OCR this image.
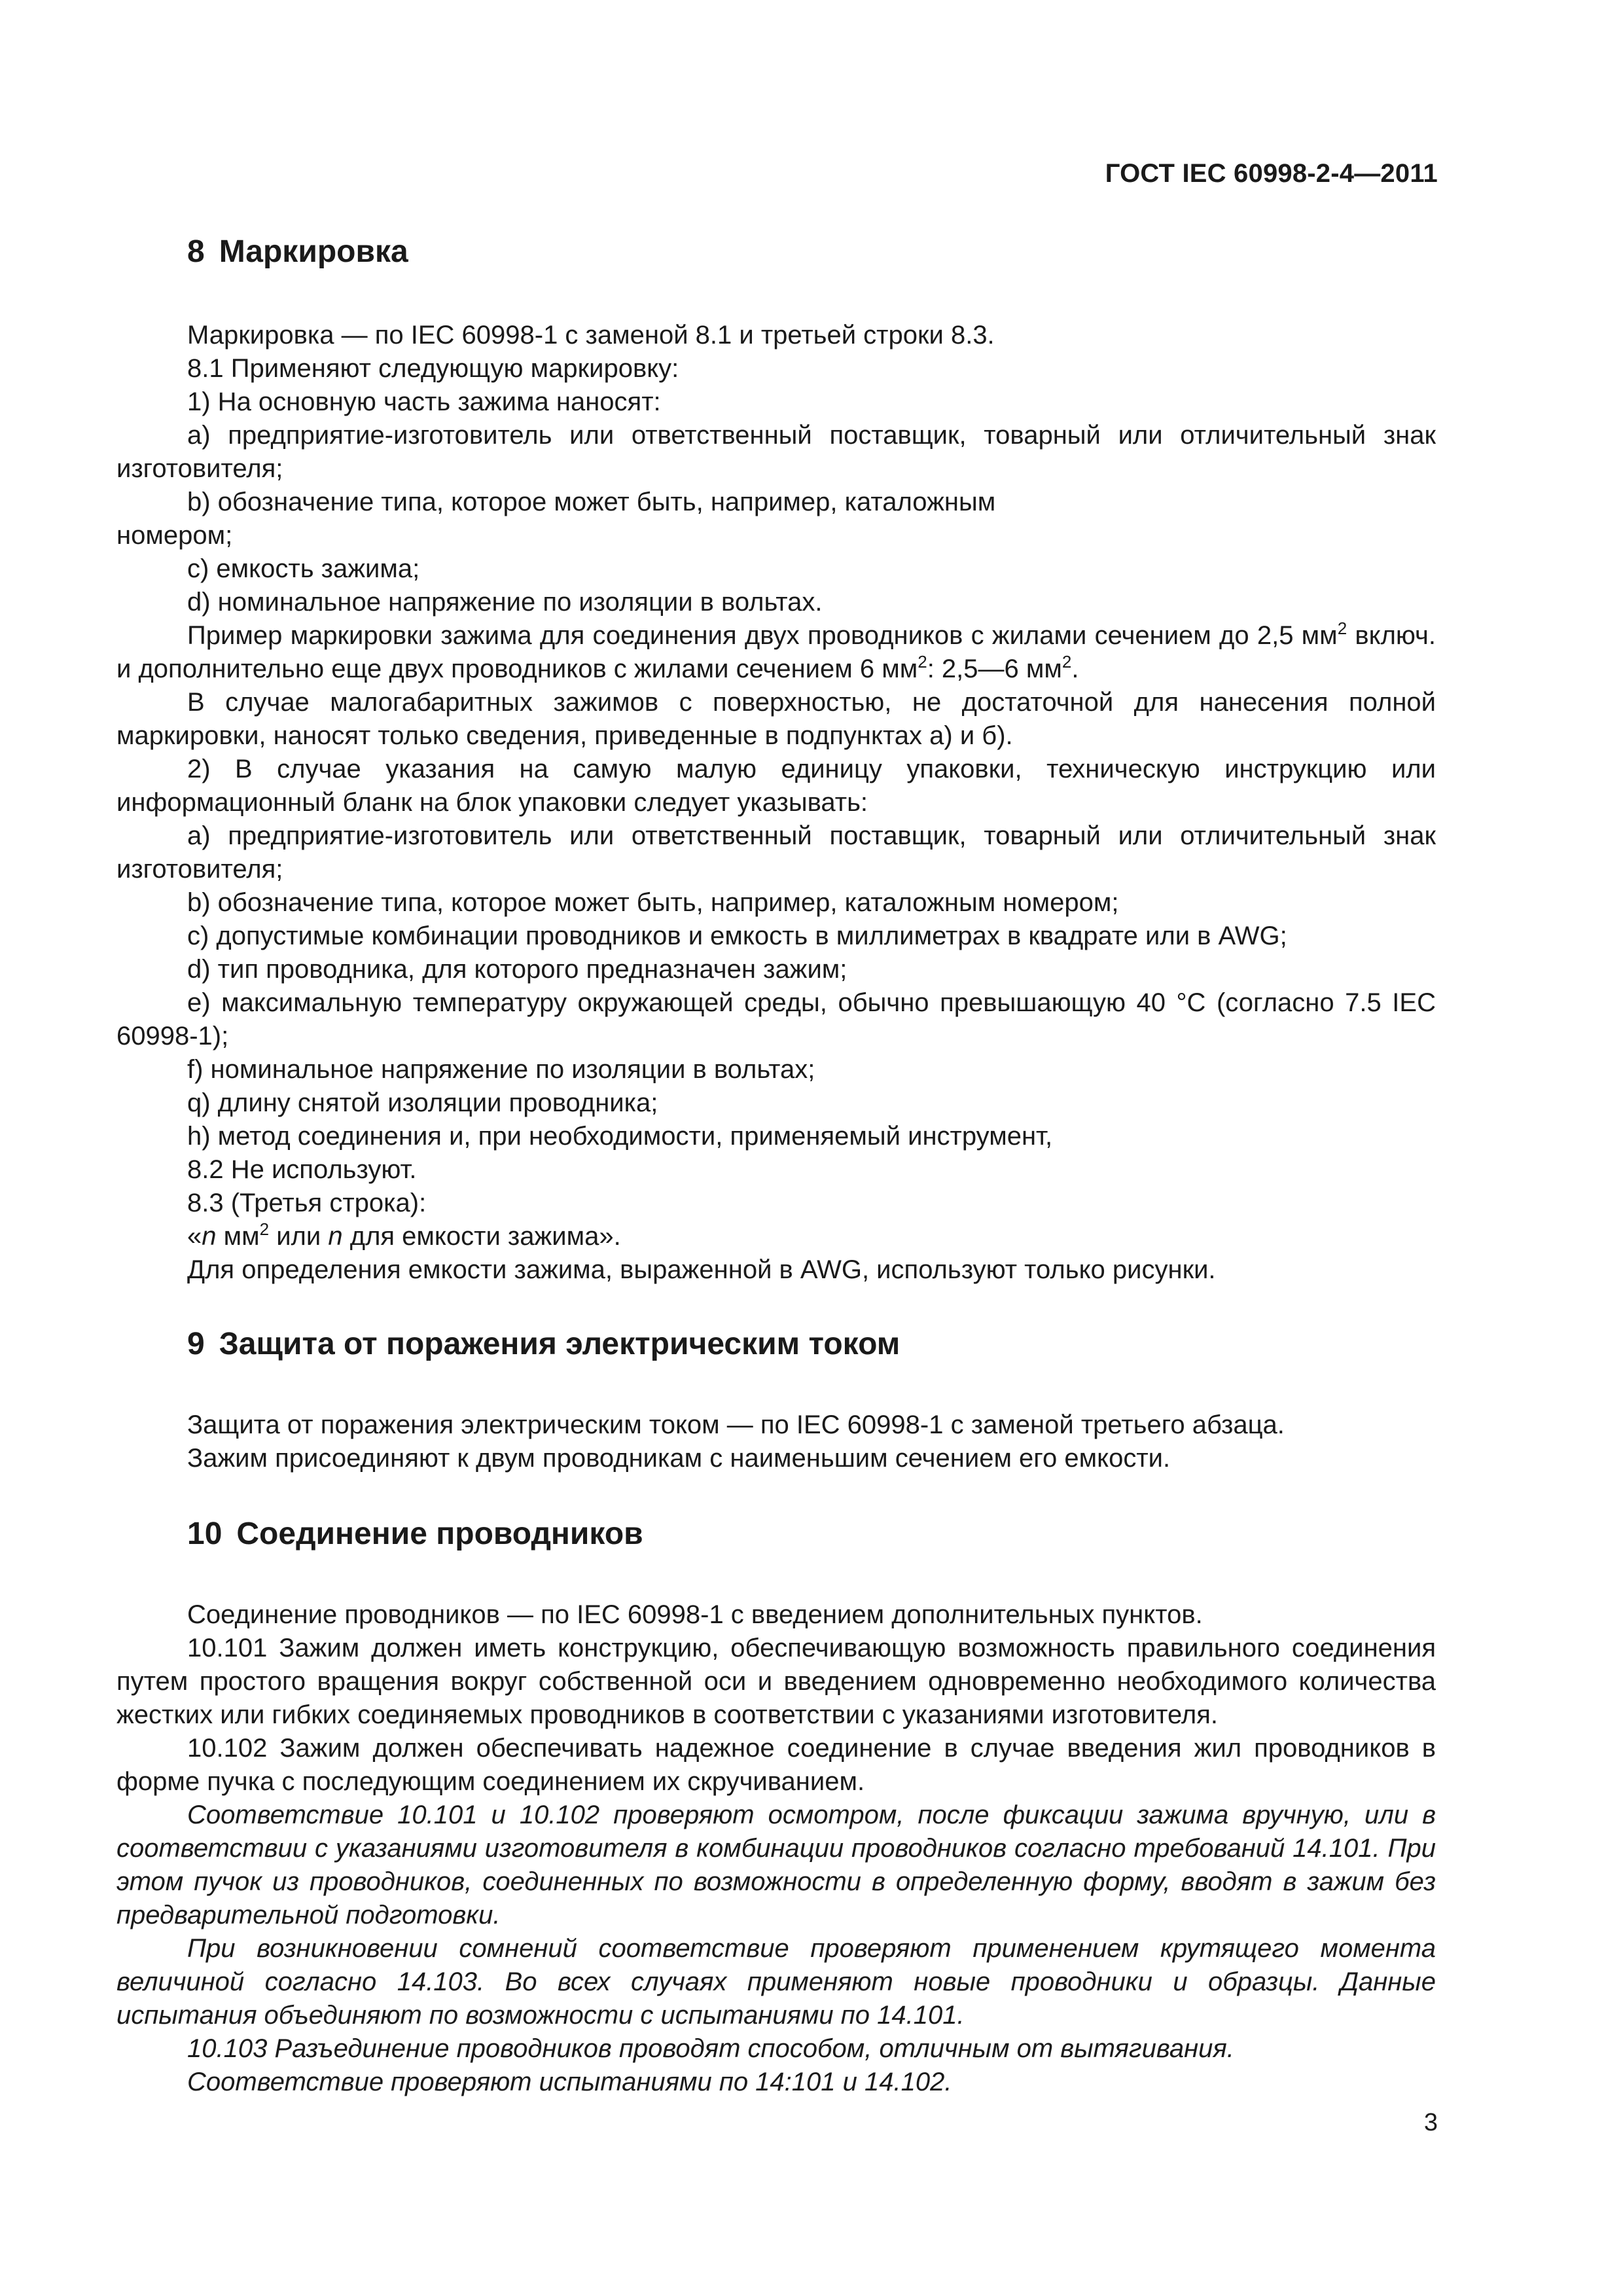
ГОСТ IEC 60998-2-4—2011
8 Маркировка

Маркировка — по IEC 60998-1 с заменой 8.1 и третьей строки 8.3.

8.1 Применяют следующую маркировку:

1) На основную часть зажима наносят:

a) предприятие-изготовитель или ответственный поставщик, товарный или отличительный знак изготовителя;

b) обозначение типа, которое может быть, например, каталожным номером;

c) емкость зажима;

d) номинальное напряжение по изоляции в вольтах.

Пример маркировки зажима для соединения двух проводников с жилами сечением до 2,5 $мм^2$ включ. и дополнительно еще двух проводников с жилами сечением 6 $мм^2$: 2,5—6 $мм^2$.

В случае малогабаритных зажимов с поверхностью, не достаточной для нанесения полной маркировки, наносят только сведения, приведенные в подпунктах а) и б).

2) В случае указания на самую малую единицу упаковки, техническую инструкцию или информационный бланк на блок упаковки следует указывать:

a) предприятие-изготовитель или ответственный поставщик, товарный или отличительный знак изготовителя;

b) обозначение типа, которое может быть, например, каталожным номером;

c) допустимые комбинации проводников и емкость в миллиметрах в квадрате или в AWG;

d) тип проводника, для которого предназначен зажим;

e) максимальную температуру окружающей среды, обычно превышающую 40 °С (согласно 7.5 IEC 60998-1);

f) номинальное напряжение по изоляции в вольтах;

q) длину снятой изоляции проводника;

h) метод соединения и, при необходимости, применяемый инструмент,

8.2 Не используют.

8.3 (Третья строка):

«n $мм^2$ или n для емкости зажима».

Для определения емкости зажима, выраженной в AWG, используют только рисунки.

9 Защита от поражения электрическим током

Защита от поражения электрическим током — по IEC 60998-1 с заменой третьего абзаца.

Зажим присоединяют к двум проводникам с наименьшим сечением его емкости.

10 Соединение проводников

Соединение проводников — по IEC 60998-1 с введением дополнительных пунктов.

10.101 Зажим должен иметь конструкцию, обеспечивающую возможность правильного соединения путем простого вращения вокруг собственной оси и введением одновременно необходимого количества жестких или гибких соединяемых проводников в соответствии с указаниями изготовителя.

10.102 Зажим должен обеспечивать надежное соединение в случае введения жил проводников в форме пучка с последующим соединением их скручиванием.

Соответствие 10.101 и 10.102 проверяют осмотром, после фиксации зажима вручную, или в соответствии с указаниями изготовителя в комбинации проводников согласно требований 14.101. При этом пучок из проводников, соединенных по возможности в определенную форму, вводят в зажим без предварительной подготовки.

При возникновении сомнений соответствие проверяют применением крутящего момента величиной согласно 14.103. Во всех случаях применяют новые проводники и образцы. Данные испытания объединяют по возможности с испытаниями по 14.101.

10.103 Разъединение проводников проводят способом, отличным от вытягивания.

Соответствие проверяют испытаниями по 14:101 и 14.102.

3
